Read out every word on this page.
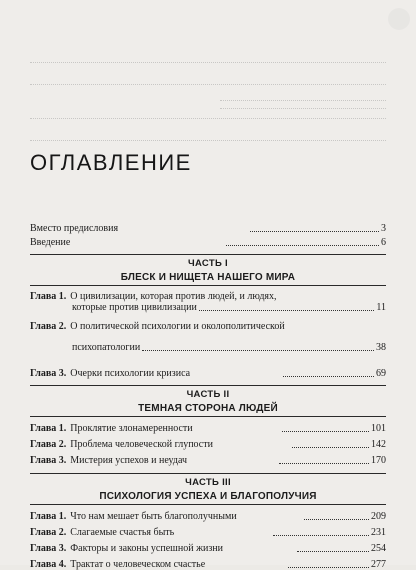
ОГЛАВЛЕНИЕ
Вместо предисловия	3
Введение	6
ЧАСТЬ I
БЛЕСК И НИЩЕТА НАШЕГО МИРА
Глава 1. О цивилизации, которая против людей, и людях,
которые против цивилизации	11
Глава 2. О политической психологии и околополитической
психопатологии	38
Глава 3. Очерки психологии кризиса	69
ЧАСТЬ II
ТЕМНАЯ СТОРОНА ЛЮДЕЙ
Глава 1. Проклятие злонамеренности	101
Глава 2. Проблема человеческой глупости	142
Глава 3. Мистерия успехов и неудач	170
ЧАСТЬ III
ПСИХОЛОГИЯ УСПЕХА И БЛАГОПОЛУЧИЯ
Глава 1. Что нам мешает быть благополучными	209
Глава 2. Слагаемые счастья быть	231
Глава 3. Факторы и законы успешной жизни	254
Глава 4. Трактат о человеческом счастье	277
